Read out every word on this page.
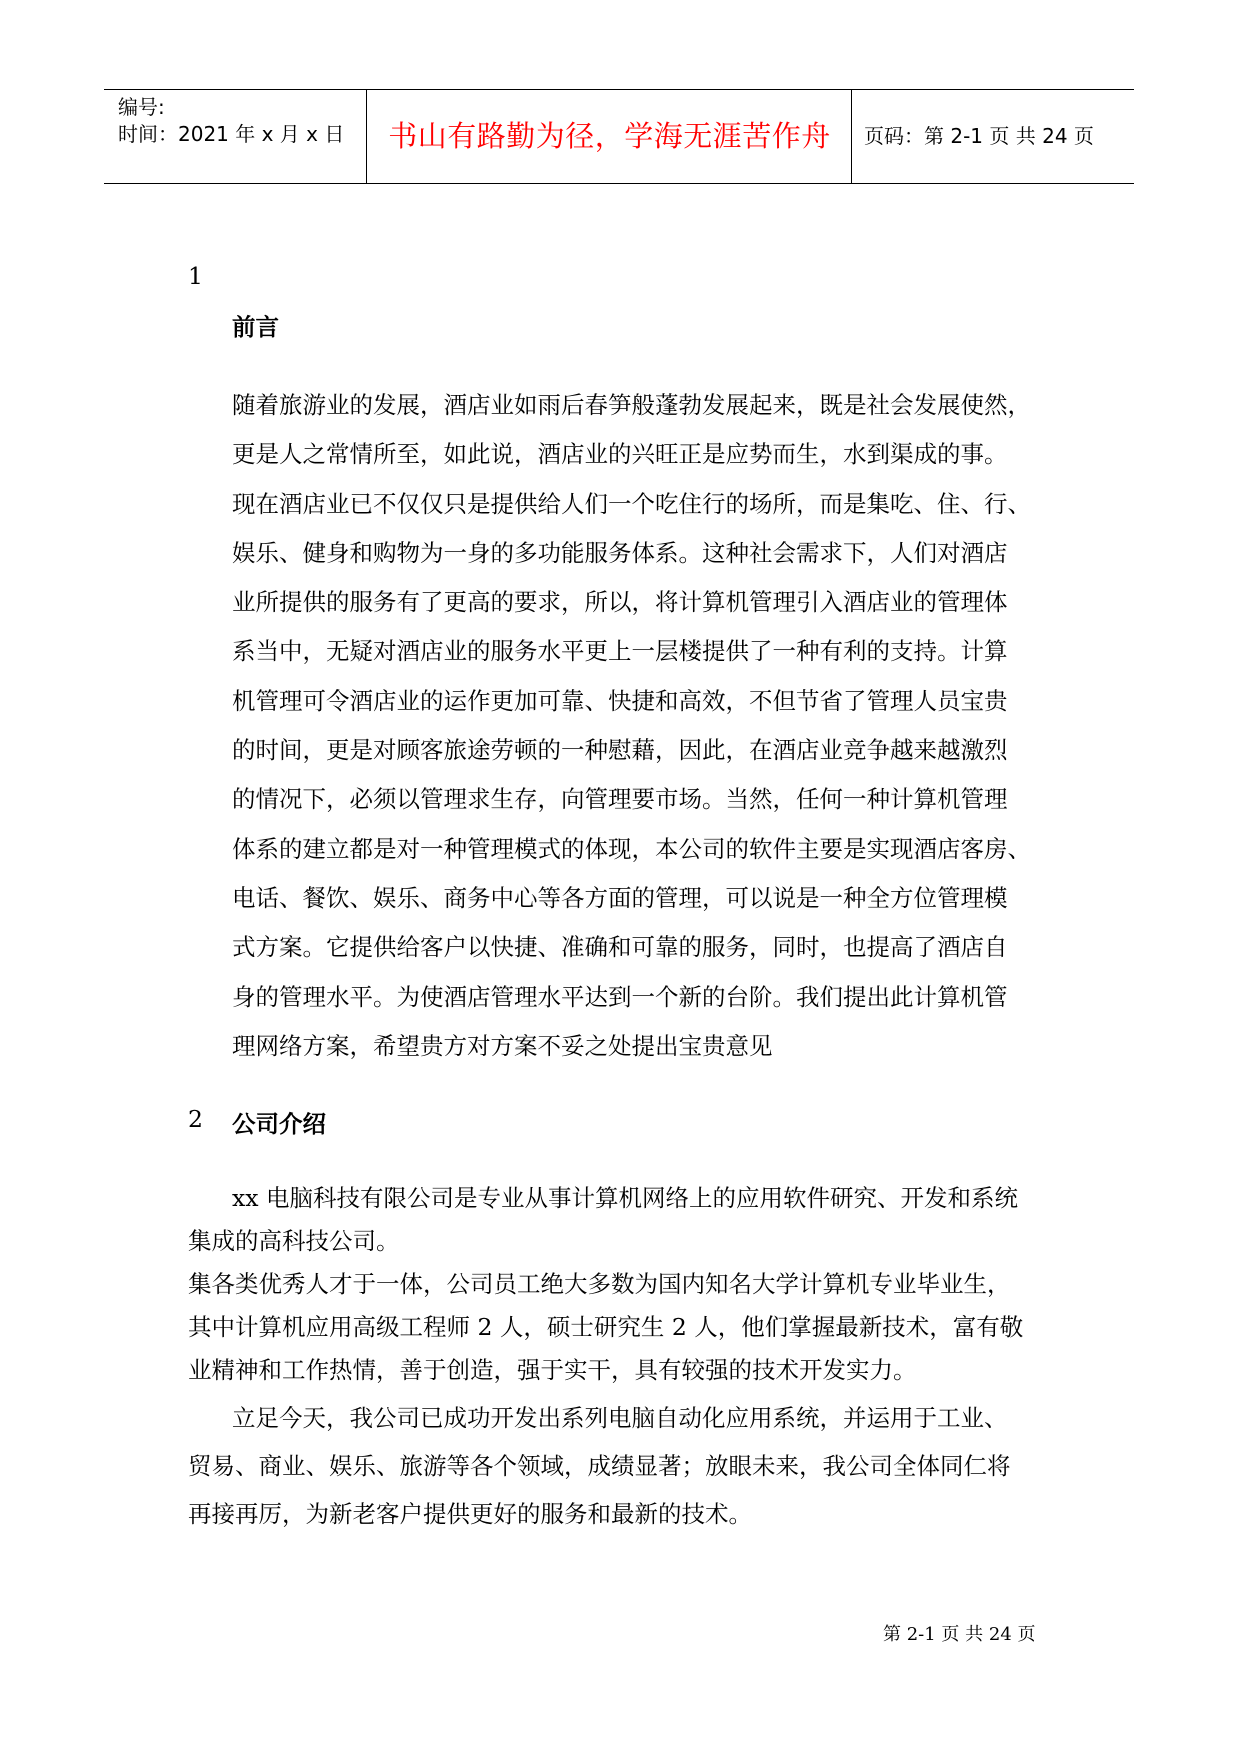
编号:
时间：2021 年 x 月 x 日	书山有路勤为径，学海无涯苦作舟	页码：第 2-1 页 共 24 页
1
前言
随着旅游业的发展，酒店业如雨后春笋般蓬勃发展起来，既是社会发展使然，
更是人之常情所至，如此说，酒店业的兴旺正是应势而生，水到渠成的事。
现在酒店业已不仅仅只是提供给人们一个吃住行的场所，而是集吃、住、行、
娱乐、健身和购物为一身的多功能服务体系。这种社会需求下，人们对酒店
业所提供的服务有了更高的要求，所以，将计算机管理引入酒店业的管理体
系当中，无疑对酒店业的服务水平更上一层楼提供了一种有利的支持。计算
机管理可令酒店业的运作更加可靠、快捷和高效，不但节省了管理人员宝贵
的时间，更是对顾客旅途劳顿的一种慰藉，因此，在酒店业竞争越来越激烈
的情况下，必须以管理求生存，向管理要市场。当然，任何一种计算机管理
体系的建立都是对一种管理模式的体现，本公司的软件主要是实现酒店客房、
电话、餐饮、娱乐、商务中心等各方面的管理，可以说是一种全方位管理模
式方案。它提供给客户以快捷、准确和可靠的服务，同时，也提高了酒店自
身的管理水平。为使酒店管理水平达到一个新的台阶。我们提出此计算机管
理网络方案，希望贵方对方案不妥之处提出宝贵意见
2 公司介绍
xx 电脑科技有限公司是专业从事计算机网络上的应用软件研究、开发和系统
集成的高科技公司。
集各类优秀人才于一体，公司员工绝大多数为国内知名大学计算机专业毕业生，
其中计算机应用高级工程师 2 人，硕士研究生 2 人，他们掌握最新技术，富有敬
业精神和工作热情，善于创造，强于实干，具有较强的技术开发实力。
立足今天，我公司已成功开发出系列电脑自动化应用系统，并运用于工业、
贸易、商业、娱乐、旅游等各个领域，成绩显著；放眼未来，我公司全体同仁将
再接再厉，为新老客户提供更好的服务和最新的技术。
第 2-1 页 共 24 页
